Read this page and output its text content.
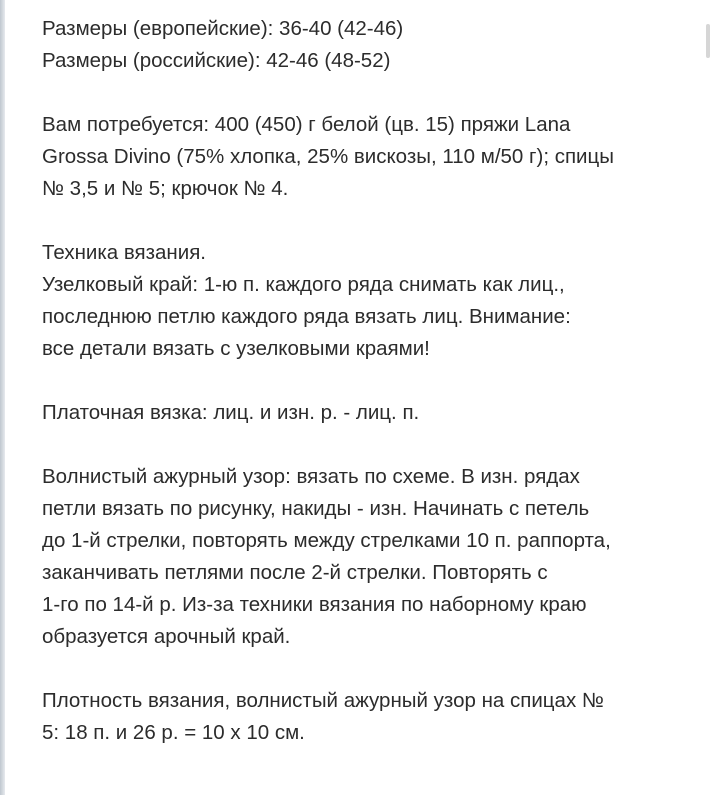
Размеры (европейские): 36-40 (42-46)
Размеры (российские): 42-46 (48-52)
Вам потребуется: 400 (450) г белой (цв. 15) пряжи Lana
Grossa Divino (75% хлопка, 25% вискозы, 110 м/50 г); спицы
№ 3,5 и № 5; крючок № 4.
Техника вязания.
Узелковый край: 1-ю п. каждого ряда снимать как лиц.,
последнюю петлю каждого ряда вязать лиц. Внимание:
все детали вязать с узелковыми краями!
Платочная вязка: лиц. и изн. р. - лиц. п.
Волнистый ажурный узор: вязать по схеме. В изн. рядах
петли вязать по рисунку, накиды - изн. Начинать с петель
до 1-й стрелки, повторять между стрелками 10 п. раппорта,
заканчивать петлями после 2-й стрелки. Повторять с
1-го по 14-й р. Из-за техники вязания по наборному краю
образуется арочный край.
Плотность вязания, волнистый ажурный узор на спицах №
5: 18 п. и 26 р. = 10 х 10 см.
